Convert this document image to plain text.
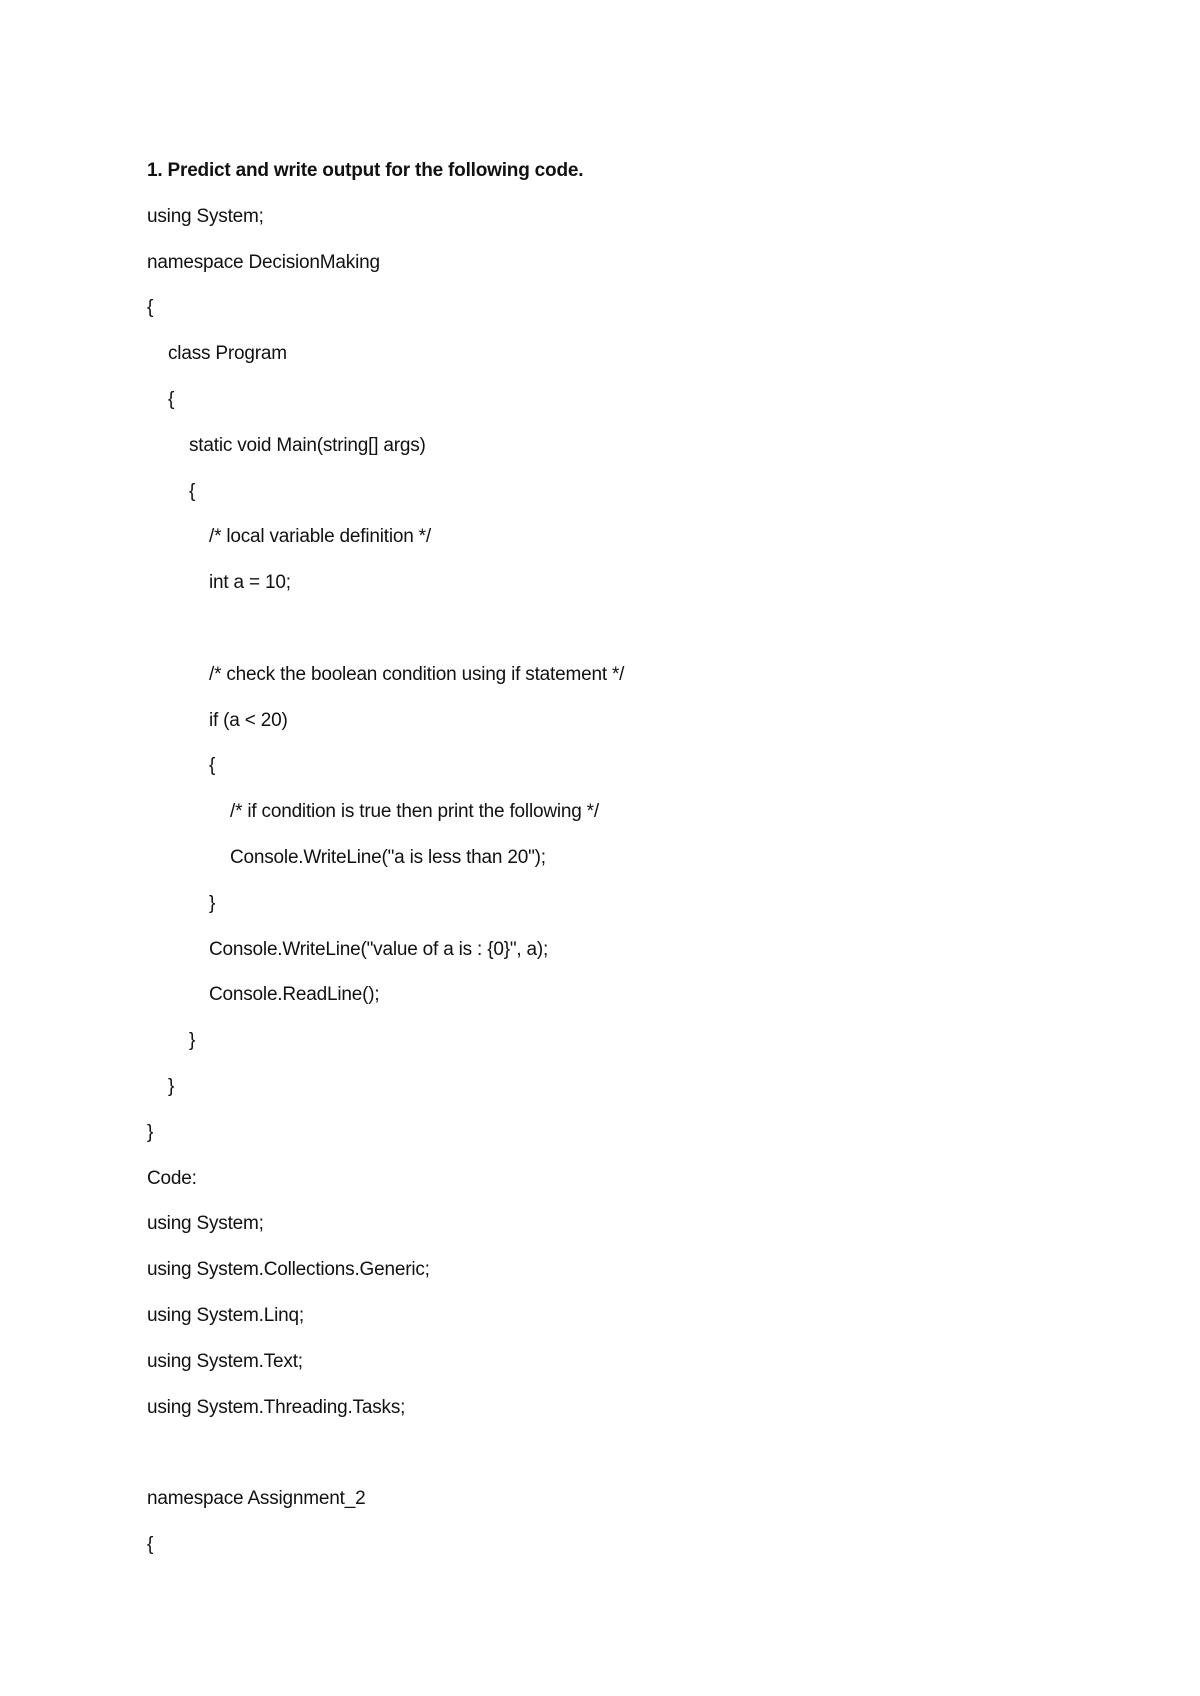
1. Predict and write output for the following code.
using System;
namespace DecisionMaking
{
class Program
{
static void Main(string[] args)
{
/* local variable definition */
int a = 10;
/* check the boolean condition using if statement */
if (a < 20)
{
/* if condition is true then print the following */
Console.WriteLine("a is less than 20");
}
Console.WriteLine("value of a is : {0}", a);
Console.ReadLine();
}
}
}
Code:
using System;
using System.Collections.Generic;
using System.Linq;
using System.Text;
using System.Threading.Tasks;
namespace Assignment_2
{
